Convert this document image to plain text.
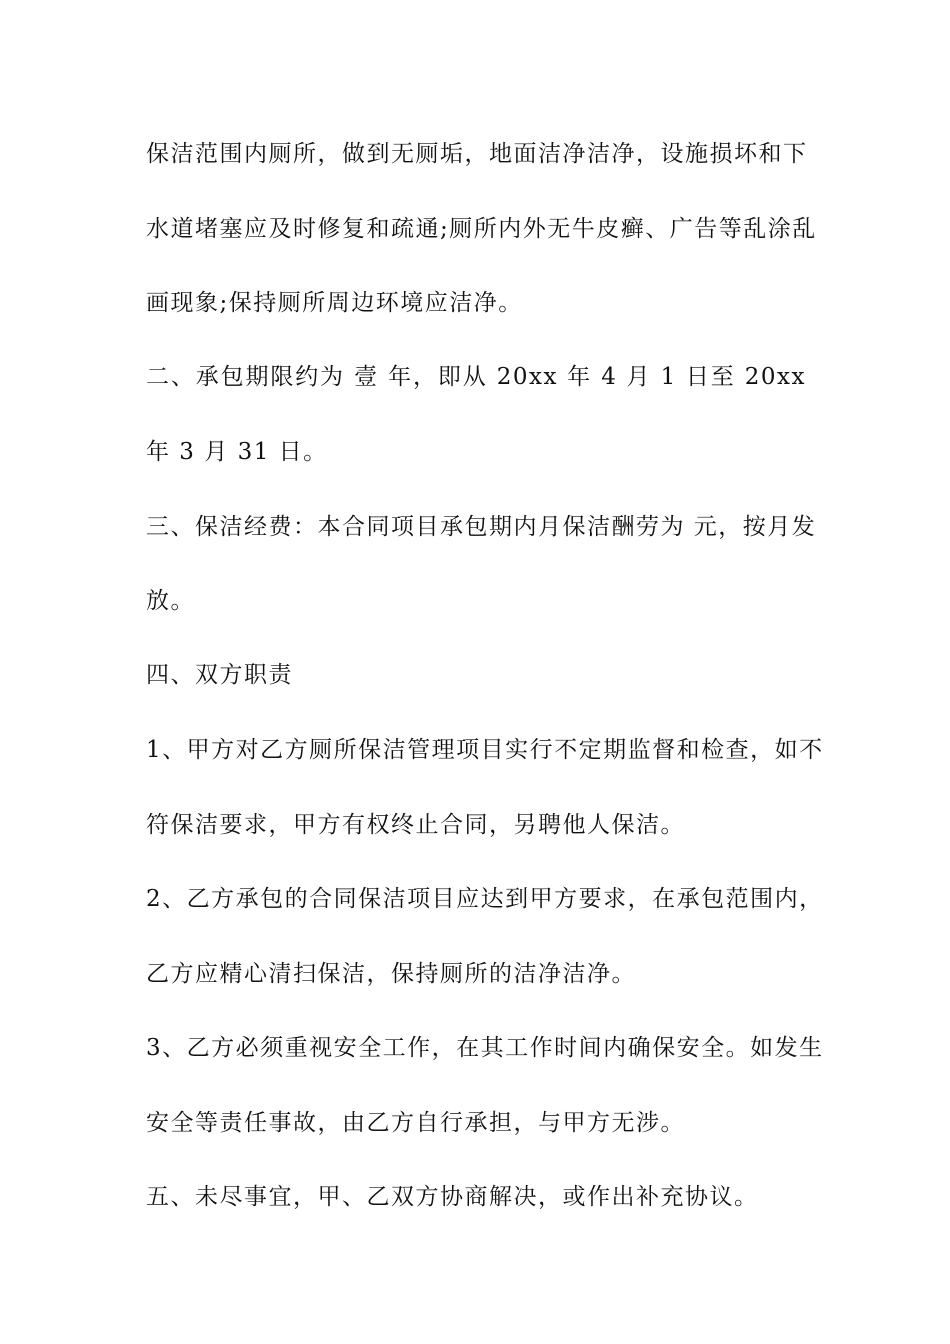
保洁范围内厕所，做到无厕垢，地面洁净洁净，设施损坏和下
水道堵塞应及时修复和疏通;厕所内外无牛皮癣、广告等乱涂乱
画现象;保持厕所周边环境应洁净。
二、承包期限约为 壹 年，即从 20xx 年 4 月 1 日至 20xx
年 3 月 31 日。
三、保洁经费：本合同项目承包期内月保洁酬劳为 元，按月发
放。
四、双方职责
1、甲方对乙方厕所保洁管理项目实行不定期监督和检查，如不
符保洁要求，甲方有权终止合同，另聘他人保洁。
2、乙方承包的合同保洁项目应达到甲方要求，在承包范围内，
乙方应精心清扫保洁，保持厕所的洁净洁净。
3、乙方必须重视安全工作，在其工作时间内确保安全。如发生
安全等责任事故，由乙方自行承担，与甲方无涉。
五、未尽事宜，甲、乙双方协商解决，或作出补充协议。
